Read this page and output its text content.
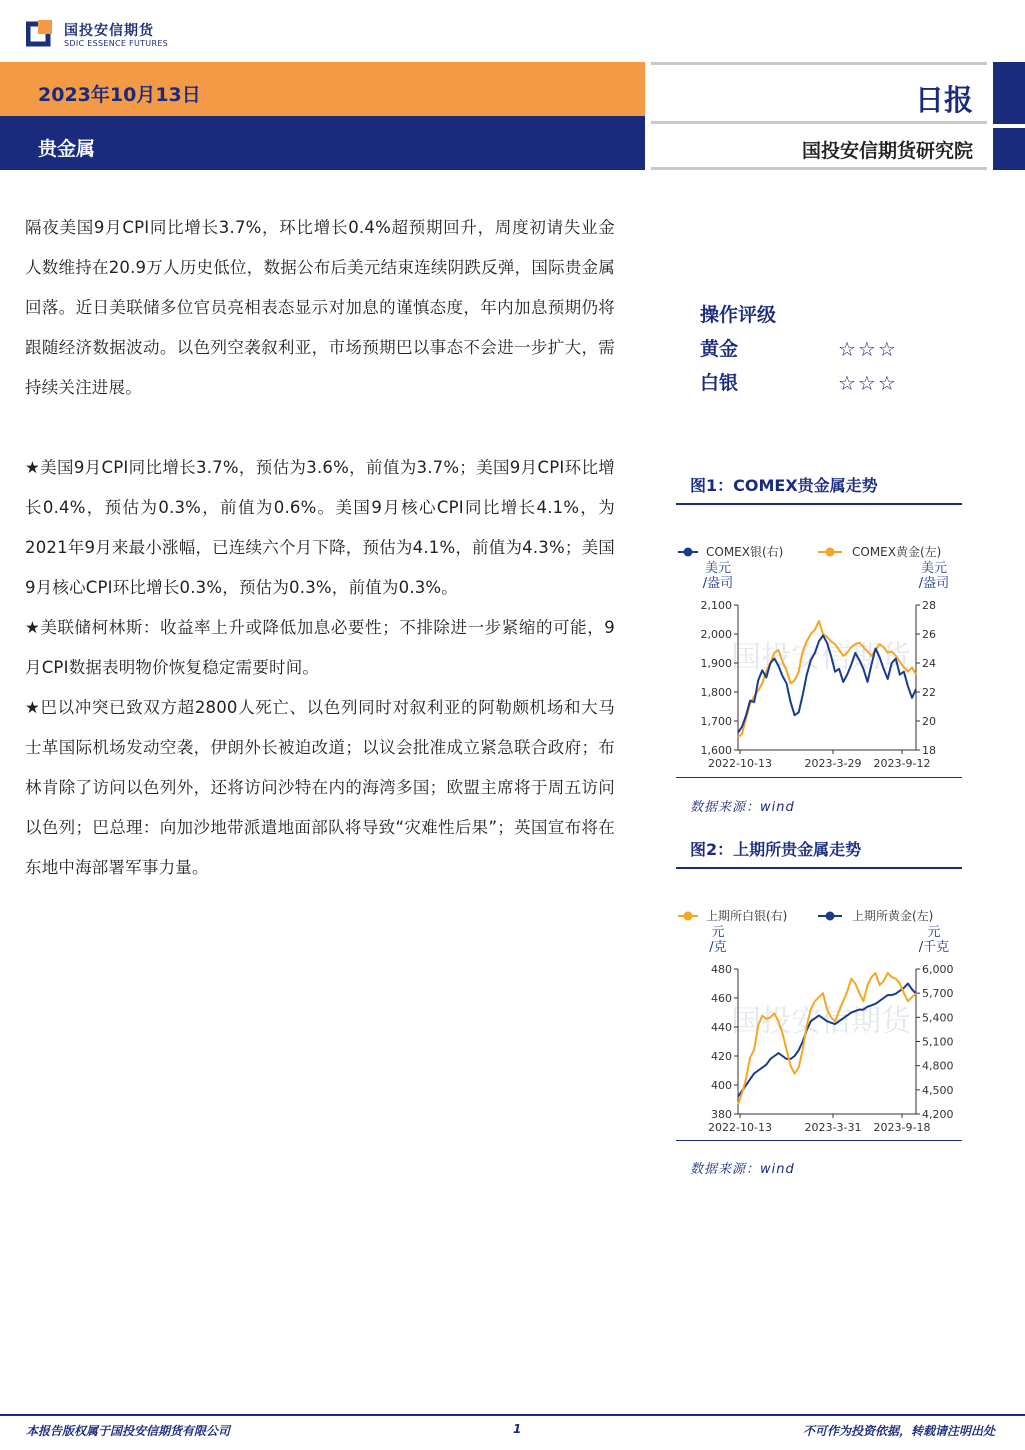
国投安信期货
SDIC ESSENCE FUTURES
2023年10月13日
贵金属
日报
国投安信期货研究院
隔夜美国9月CPI同比增长3.7%，环比增长0.4%超预期回升，周度初请失业金人数维持在20.9万人历史低位，数据公布后美元结束连续阴跌反弹，国际贵金属回落。近日美联储多位官员亮相表态显示对加息的谨慎态度，年内加息预期仍将跟随经济数据波动。以色列空袭叙利亚，市场预期巴以事态不会进一步扩大，需持续关注进展。

★美国9月CPI同比增长3.7%，预估为3.6%，前值为3.7%；美国9月CPI环比增长0.4%，预估为0.3%，前值为0.6%。美国9月核心CPI同比增长4.1%，为2021年9月来最小涨幅，已连续六个月下降，预估为4.1%，前值为4.3%；美国9月核心CPI环比增长0.3%，预估为0.3%，前值为0.3%。

★美联储柯林斯：收益率上升或降低加息必要性；不排除进一步紧缩的可能，9月CPI数据表明物价恢复稳定需要时间。

★巴以冲突已致双方超2800人死亡、以色列同时对叙利亚的阿勒颇机场和大马士革国际机场发动空袭，伊朗外长被迫改道；以议会批准成立紧急联合政府；布林肯除了访问以色列外，还将访问沙特在内的海湾多国；欧盟主席将于周五访问以色列；巴总理：向加沙地带派遣地面部队将导致“灾难性后果”；英国宣布将在东地中海部署军事力量。

操作评级
黄金	☆☆☆
白银	☆☆☆
图1：COMEX贵金属走势
国投安信期货
COMEX银(右)	COMEX黄金(左)
美元
/盎司
美元
/盎司
1,600
1,700
1,800
1,900
2,000
2,100
18
20
22
24
26
28
2022-10-13	2023-3-29 2023-9-12
数据来源：wind
图2：上期所贵金属走势
国投安信期货
上期所白银(右)	上期所黄金(左)
元
/克
元
/千克
380
400
420
440
460
480
4,200
4,500
4,800
5,100
5,400
5,700
6,000
2022-10-13	2023-3-31 2023-9-18
数据来源：wind
本报告版权属于国投安信期货有限公司	1	不可作为投资依据，转载请注明出处
